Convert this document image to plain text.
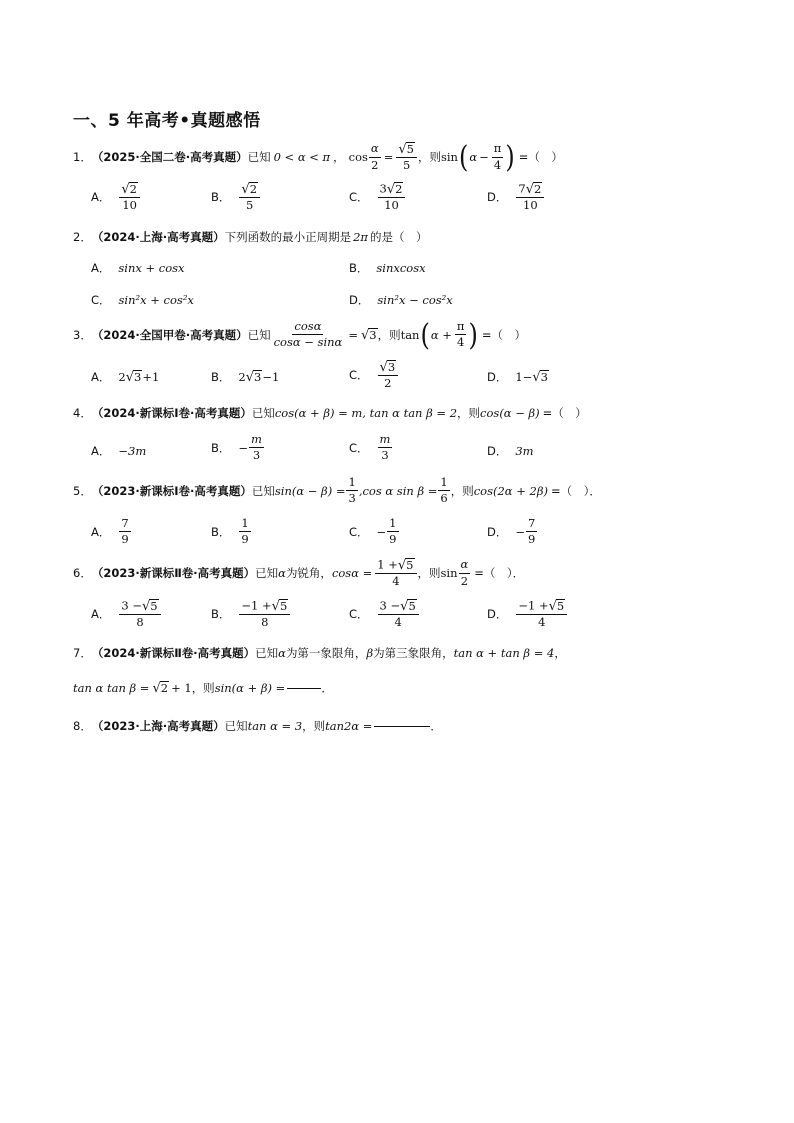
一、5 年高考•真题感悟
1． （2025·全国二卷·高考真题） 已知 0 < α < π ， $\cos \frac{\alpha}{2} = \frac{√ 5}{5}$ ，则 sin ( $\alpha - \frac{\pi}{4}$ ) =（　）
A． $\frac{√ 2}{10}$	B． $\frac{√ 2}{5}$	C． $\frac{3 √ 2}{10}$	D． $\frac{7 √ 2}{10}$
2． （2024·上海·高考真题） 下列函数的最小正周期是 2π 的是（　）
A． sinx + cosx	B． sinxcosx
C． sin²x + cos²x	D． sin²x − cos²x
3． （2024·全国甲卷·高考真题） 已知 $\frac{\cos\alpha}{\cos\alpha - \sin\alpha}$ = √ 3 ，则 tan ( $\alpha + \frac{\pi}{4}$ ) =（　）
A． 2 √ 3 +1	B． 2 √ 3 −1	C． $\frac{√ 3}{2}$	D． 1− √ 3
4． （2024·新课标Ⅰ卷·高考真题） 已知 cos(α + β) = m, tan α tan β = 2 ，则 cos(α − β) =（　）
A． −3m	B． − $\frac{m}{3}$	C． $\frac{m}{3}$	D． 3m
5． （2023·新课标Ⅰ卷·高考真题） 已知 $\sin(\alpha - \beta) = \frac{1}{3} ,\cos$ α $\sin \beta = \frac{1}{6}$ ，则 cos(2α + 2β) =（　）．
A． $\frac{7}{9}$	B． $\frac{1}{9}$	C． − $\frac{1}{9}$	D． − $\frac{7}{9}$
6． （2023·新课标Ⅱ卷·高考真题） 已知 α 为锐角， $\cos\alpha = \frac{1 + √ 5}{4}$ ，则 $\sin \frac{\alpha}{2}$ =（　）．
A． $\frac{3 - √ 5}{8}$	B． $\frac{-1 + √ 5}{8}$	C． $\frac{3 - √ 5}{4}$	D． $\frac{-1 + √ 5}{4}$
7． （2024·新课标Ⅱ卷·高考真题） 已知 α 为第一象限角， β 为第三象限角， tan α + tan β = 4 ，
tan α tan β = √ 2 + 1 ，则 sin(α + β) =	．
8． （2023·上海·高考真题） 已知 tan α = 3 ，则 tan2α =	．
